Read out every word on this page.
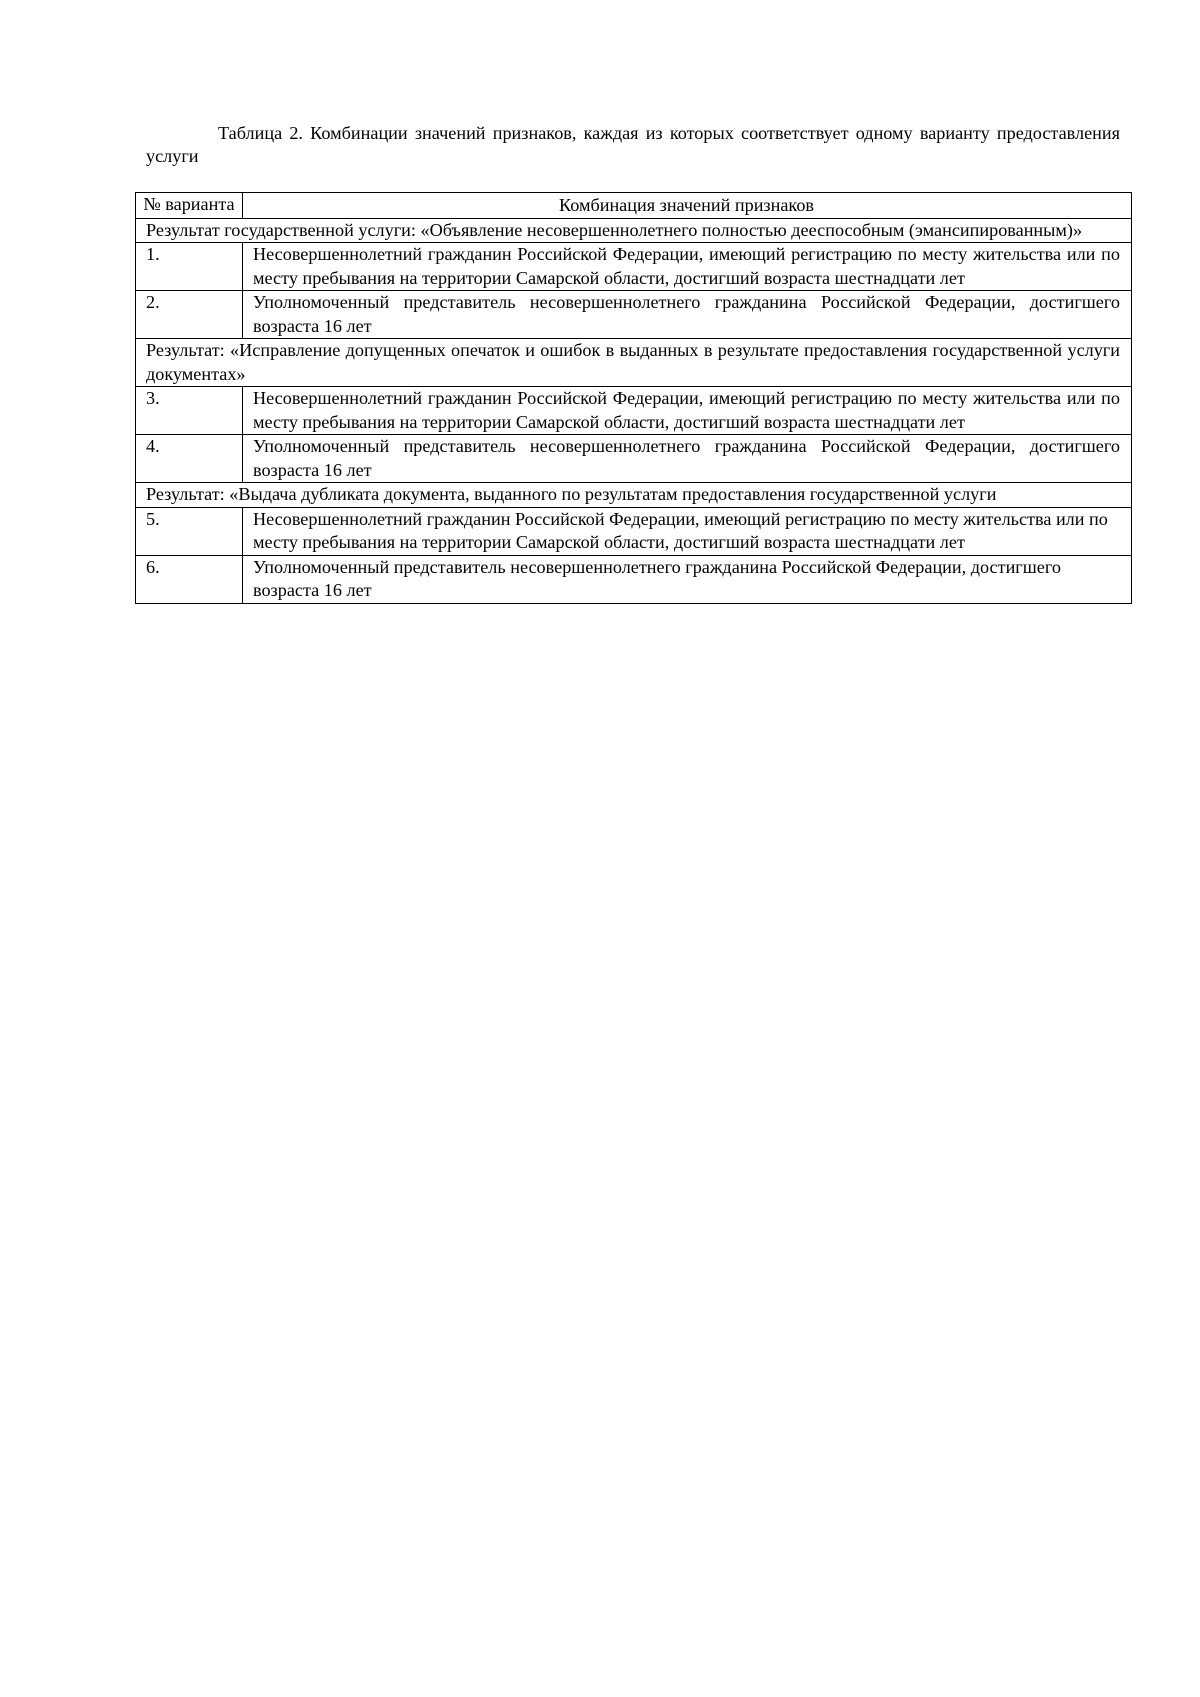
Таблица 2. Комбинации значений признаков, каждая из которых соответствует одному варианту предоставления услуги
№ варианта	Комбинация значений признаков
Результат государственной услуги: «Объявление несовершеннолетнего полностью дееспособным (эмансипированным)»	
1.	Несовершеннолетний гражданин Российской Федерации, имеющий регистрацию по месту жительства или по месту пребывания на территории Самарской области, достигший возраста шестнадцати лет
2.	Уполномоченный представитель несовершеннолетнего гражданина Российской Федерации, достигшего возраста 16 лет
Результат: «Исправление допущенных опечаток и ошибок в выданных в результате предоставления государственной услуги документах»	
3.	Несовершеннолетний гражданин Российской Федерации, имеющий регистрацию по месту жительства или по месту пребывания на территории Самарской области, достигший возраста шестнадцати лет
4.	Уполномоченный представитель несовершеннолетнего гражданина Российской Федерации, достигшего возраста 16 лет
Результат: «Выдача дубликата документа, выданного по результатам предоставления государственной услуги	
5.	Несовершеннолетний гражданин Российской Федерации, имеющий регистрацию по месту жительства или по месту пребывания на территории Самарской области, достигший возраста шестнадцати лет
6.	Уполномоченный представитель несовершеннолетнего гражданина Российской Федерации, достигшего возраста 16 лет
